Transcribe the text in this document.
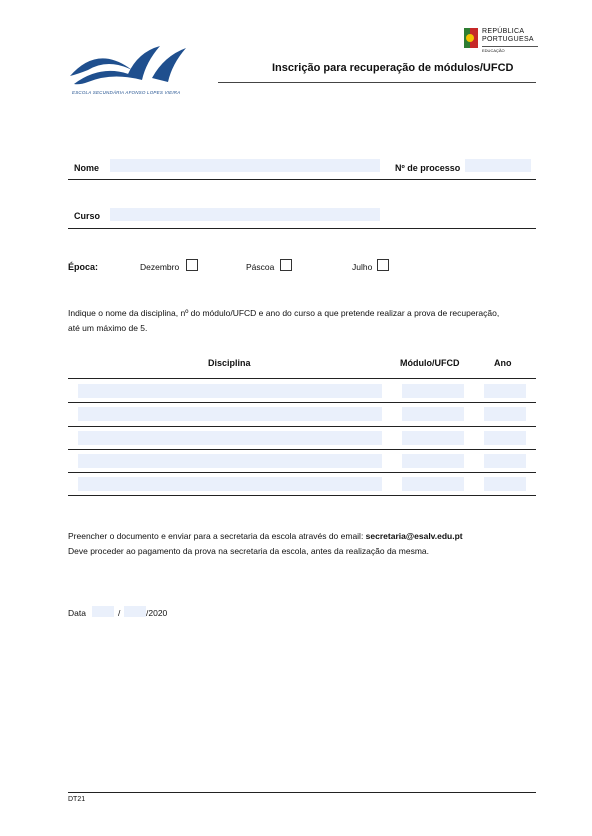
ESCOLA SECUNDÁRIA AFONSO LOPES VIEIRA
REPÚBLICA
PORTUGUESA
EDUCAÇÃO
Inscrição para recuperação de módulos/UFCD
Nome	Nº de processo
Curso
Época:	Dezembro	Páscoa	Julho
Indique o nome da disciplina, nº do módulo/UFCD e ano do curso a que pretende realizar a prova de recuperação,
até um máximo de 5.
Disciplina	Módulo/UFCD	Ano
Preencher o documento e enviar para a secretaria da escola através do email: secretaria@esalv.edu.pt
Deve proceder ao pagamento da prova na secretaria da escola, antes da realização da mesma.
Data	/	/2020
DT21
